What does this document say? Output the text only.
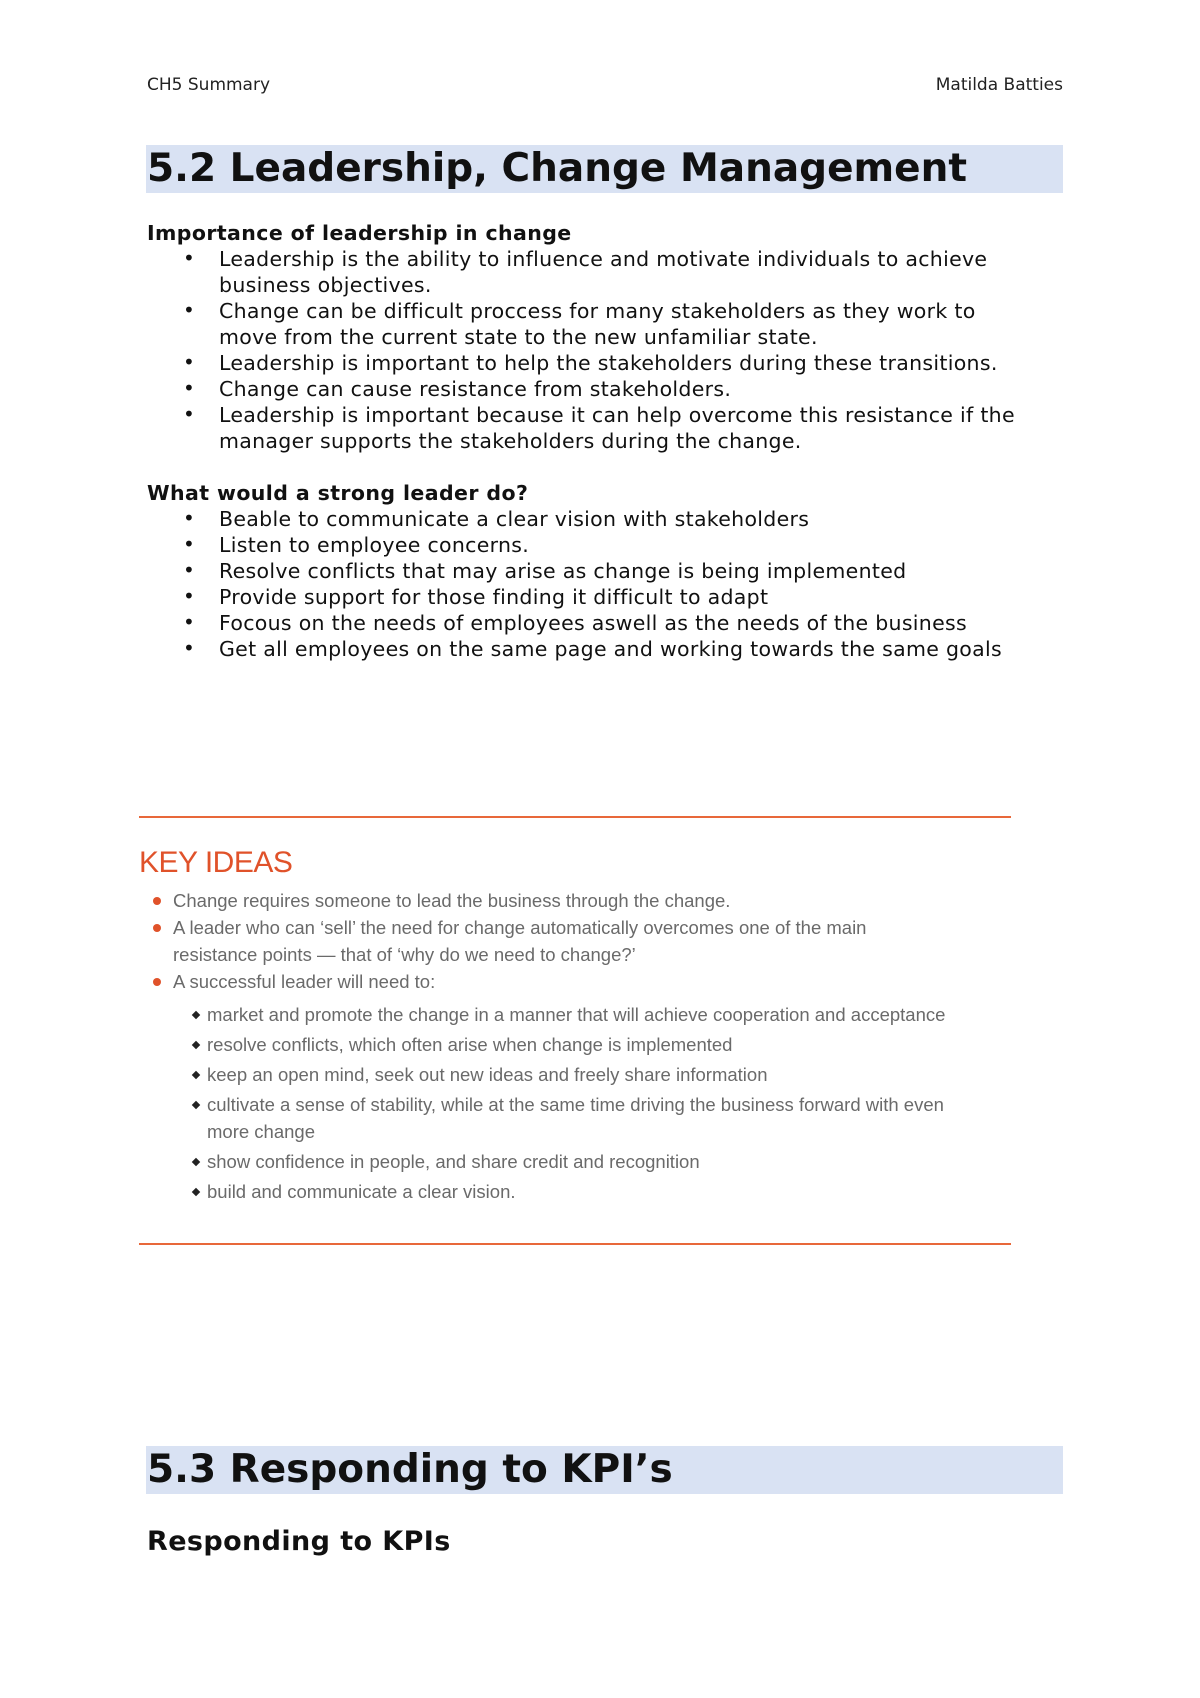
CH5 Summary	Matilda Batties
5.2 Leadership, Change Management

Importance of leadership in change

• Leadership is the ability to influence and motivate individuals to achieve
business objectives.
• Change can be difficult proccess for many stakeholders as they work to
move from the current state to the new unfamiliar state.
• Leadership is important to help the stakeholders during these transitions.
• Change can cause resistance from stakeholders.
• Leadership is important because it can help overcome this resistance if the
manager supports the stakeholders during the change.

What would a strong leader do?

• Beable to communicate a clear vision with stakeholders
• Listen to employee concerns.
• Resolve conflicts that may arise as change is being implemented
• Provide support for those finding it difficult to adapt
• Focous on the needs of employees aswell as the needs of the business
• Get all employees on the same page and working towards the same goals

KEY IDEAS

Change requires someone to lead the business through the change.
A leader who can ‘sell’ the need for change automatically overcomes one of the main
resistance points — that of ‘why do we need to change?’
A successful leader will need to:
market and promote the change in a manner that will achieve cooperation and acceptance
resolve conflicts, which often arise when change is implemented
keep an open mind, seek out new ideas and freely share information
cultivate a sense of stability, while at the same time driving the business forward with even
more change
show confidence in people, and share credit and recognition
build and communicate a clear vision.
5.3 Responding to KPI’s

Responding to KPIs
